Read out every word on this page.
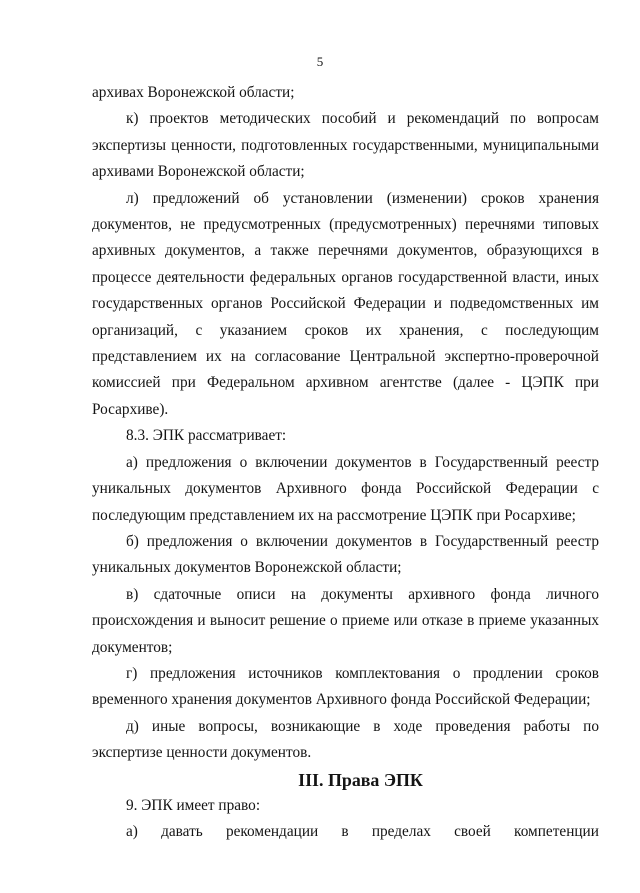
5

архивах Воронежской области;

к) проектов методических пособий и рекомендаций по вопросам экспертизы ценности, подготовленных государственными, муниципальными архивами Воронежской области;

л) предложений об установлении (изменении) сроков хранения документов, не предусмотренных (предусмотренных) перечнями типовых архивных документов, а также перечнями документов, образующихся в процессе деятельности федеральных органов государственной власти, иных государственных органов Российской Федерации и подведомственных им организаций, с указанием сроков их хранения, с последующим представлением их на согласование Центральной экспертно-проверочной комиссией при Федеральном архивном агентстве (далее - ЦЭПК при Росархиве).

8.3. ЭПК рассматривает:

а) предложения о включении документов в Государственный реестр уникальных документов Архивного фонда Российской Федерации с последующим представлением их на рассмотрение ЦЭПК при Росархиве;

б) предложения о включении документов в Государственный реестр уникальных документов Воронежской области;

в) сдаточные описи на документы архивного фонда личного происхождения и выносит решение о приеме или отказе в приеме указанных документов;

г) предложения источников комплектования о продлении сроков временного хранения документов Архивного фонда Российской Федерации;

д) иные вопросы, возникающие в ходе проведения работы по экспертизе ценности документов.

III. Права ЭПК

9. ЭПК имеет право:

а) давать рекомендации в пределах своей компетенции
